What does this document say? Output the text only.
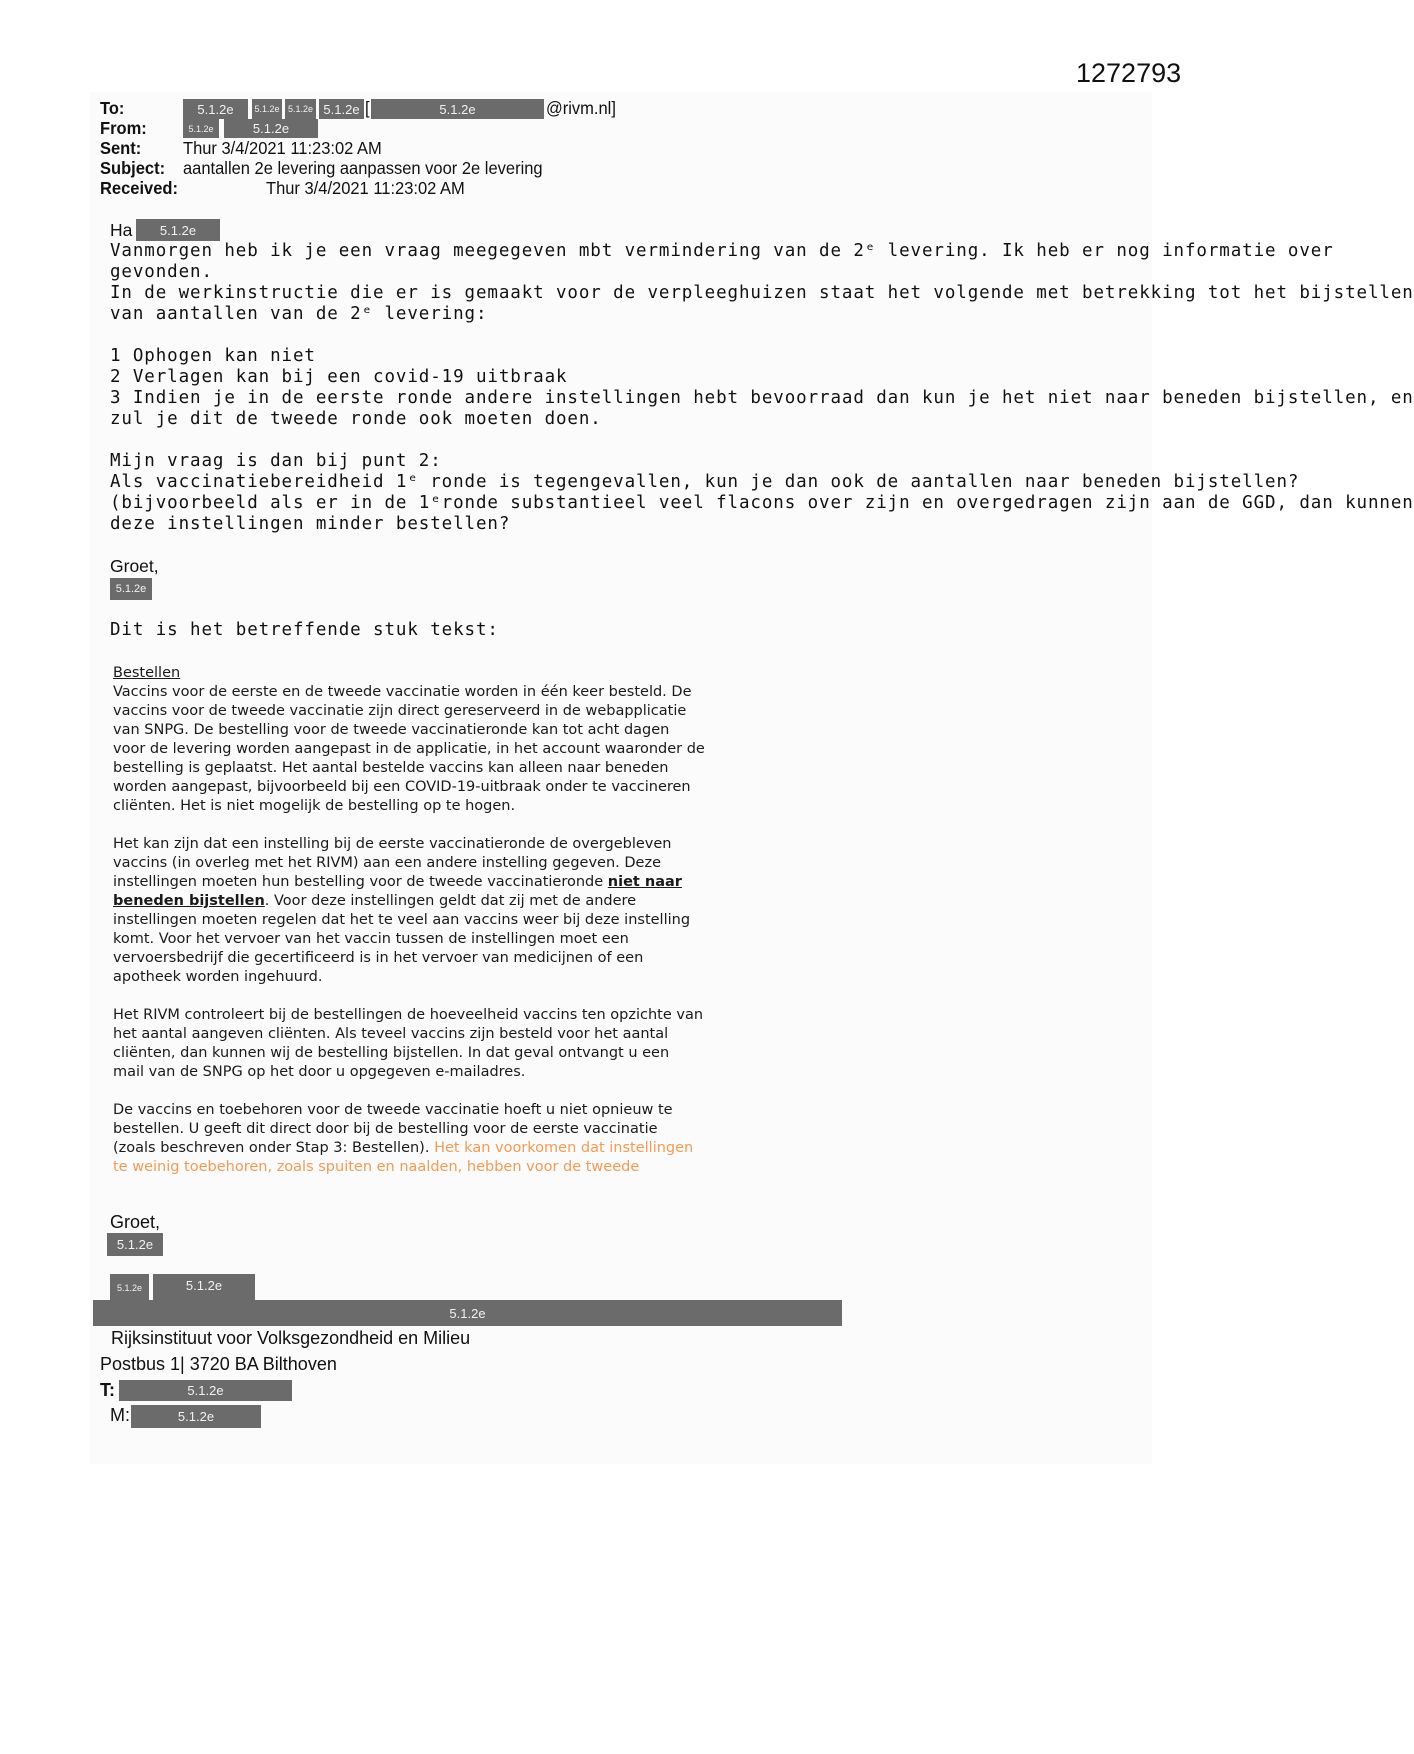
1272793
To:	5.1.2e	5.1.2e 5.1.2e 5.1.2e [	5.1.2e	@rivm.nl]
From:	5.1.2e	5.1.2e
Sent:	Thur 3/4/2021 11:23:02 AM
Subject: aantallen 2e levering aanpassen voor 2e levering
Received:	Thur 3/4/2021 11:23:02 AM
Ha	5.1.2e
Vanmorgen heb ik je een vraag meegegeven mbt vermindering van de 2ᵉ levering. Ik heb er nog informatie over
gevonden.
In de werkinstructie die er is gemaakt voor de verpleeghuizen staat het volgende met betrekking tot het bijstellen
van aantallen van de 2ᵉ levering:
1 Ophogen kan niet
2 Verlagen kan bij een covid-19 uitbraak
3 Indien je in de eerste ronde andere instellingen hebt bevoorraad dan kun je het niet naar beneden bijstellen, en
zul je dit de tweede ronde ook moeten doen.
Mijn vraag is dan bij punt 2:
Als vaccinatiebereidheid 1ᵉ ronde is tegengevallen, kun je dan ook de aantallen naar beneden bijstellen?
(bijvoorbeeld als er in de 1ᵉronde substantieel veel flacons over zijn en overgedragen zijn aan de GGD, dan kunnen
deze instellingen minder bestellen?
Groet,
5.1.2e
Dit is het betreffende stuk tekst:
Bestellen
Vaccins voor de eerste en de tweede vaccinatie worden in één keer besteld. De
vaccins voor de tweede vaccinatie zijn direct gereserveerd in de webapplicatie
van SNPG. De bestelling voor de tweede vaccinatieronde kan tot acht dagen
voor de levering worden aangepast in de applicatie, in het account waaronder de
bestelling is geplaatst. Het aantal bestelde vaccins kan alleen naar beneden
worden aangepast, bijvoorbeeld bij een COVID-19-uitbraak onder te vaccineren
cliënten. Het is niet mogelijk de bestelling op te hogen.
Het kan zijn dat een instelling bij de eerste vaccinatieronde de overgebleven
vaccins (in overleg met het RIVM) aan een andere instelling gegeven. Deze
instellingen moeten hun bestelling voor de tweede vaccinatieronde niet naar
beneden bijstellen. Voor deze instellingen geldt dat zij met de andere
instellingen moeten regelen dat het te veel aan vaccins weer bij deze instelling
komt. Voor het vervoer van het vaccin tussen de instellingen moet een
vervoersbedrijf die gecertificeerd is in het vervoer van medicijnen of een
apotheek worden ingehuurd.
Het RIVM controleert bij de bestellingen de hoeveelheid vaccins ten opzichte van
het aantal aangeven cliënten. Als teveel vaccins zijn besteld voor het aantal
cliënten, dan kunnen wij de bestelling bijstellen. In dat geval ontvangt u een
mail van de SNPG op het door u opgegeven e-mailadres.
De vaccins en toebehoren voor de tweede vaccinatie hoeft u niet opnieuw te
bestellen. U geeft dit direct door bij de bestelling voor de eerste vaccinatie
(zoals beschreven onder Stap 3: Bestellen). Het kan voorkomen dat instellingen
te weinig toebehoren, zoals spuiten en naalden, hebben voor de tweede
Groet,
5.1.2e
5.1.2e	5.1.2e
5.1.2e
Rijksinstituut voor Volksgezondheid en Milieu
Postbus 1| 3720 BA Bilthoven
T:	5.1.2e
M:	5.1.2e
